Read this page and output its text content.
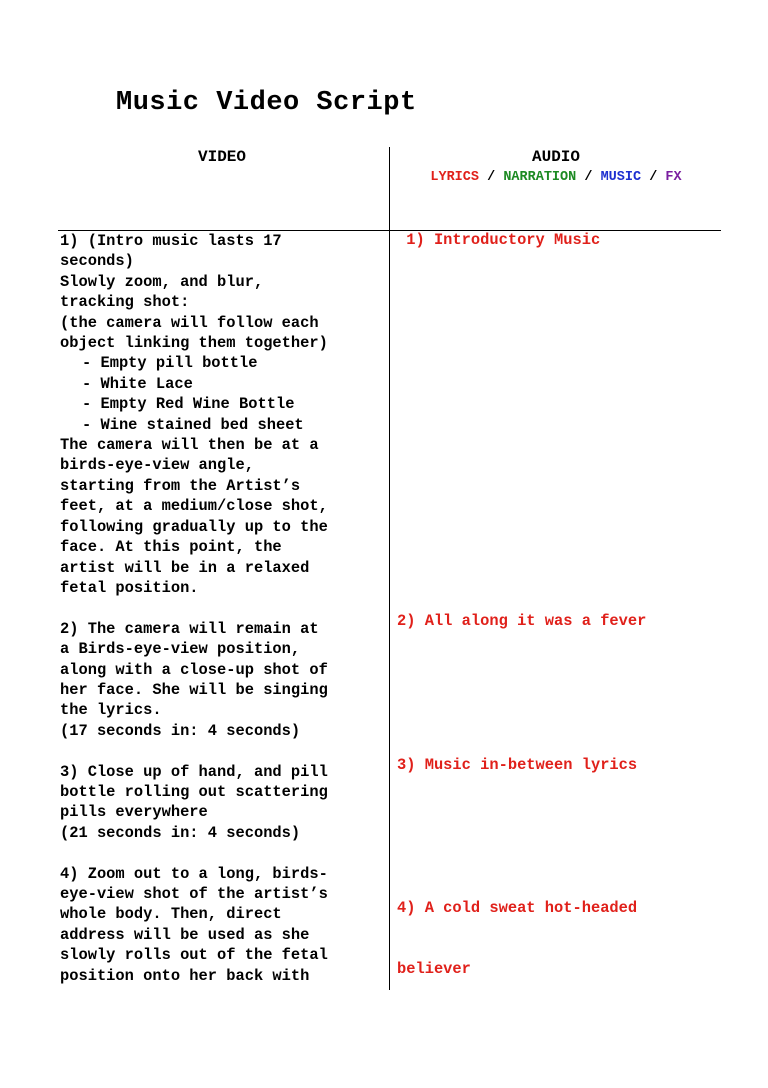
Music Video Script
VIDEO	AUDIO
LYRICS / NARRATION / MUSIC / FX

1) (Intro music lasts 17

seconds)

Slowly zoom, and blur,

tracking shot:

(the camera will follow each

object linking them together)

- Empty pill bottle

- White Lace

- Empty Red Wine Bottle

- Wine stained bed sheet

The camera will then be at a

birds-eye-view angle,

starting from the Artist’s

feet, at a medium/close shot,

following gradually up to the

face. At this point, the

artist will be in a relaxed

fetal position.

2) The camera will remain at

a Birds-eye-view position,

along with a close-up shot of

her face. She will be singing

the lyrics.

(17 seconds in: 4 seconds)

3) Close up of hand, and pill

bottle rolling out scattering

pills everywhere

(21 seconds in: 4 seconds)

4) Zoom out to a long, birds-

eye-view shot of the artist’s

whole body. Then, direct

address will be used as she

slowly rolls out of the fetal

position onto her back with

1) Introductory Music
2) All along it was a fever
3) Music in-between lyrics

4) A cold sweat hot-headed

believer
